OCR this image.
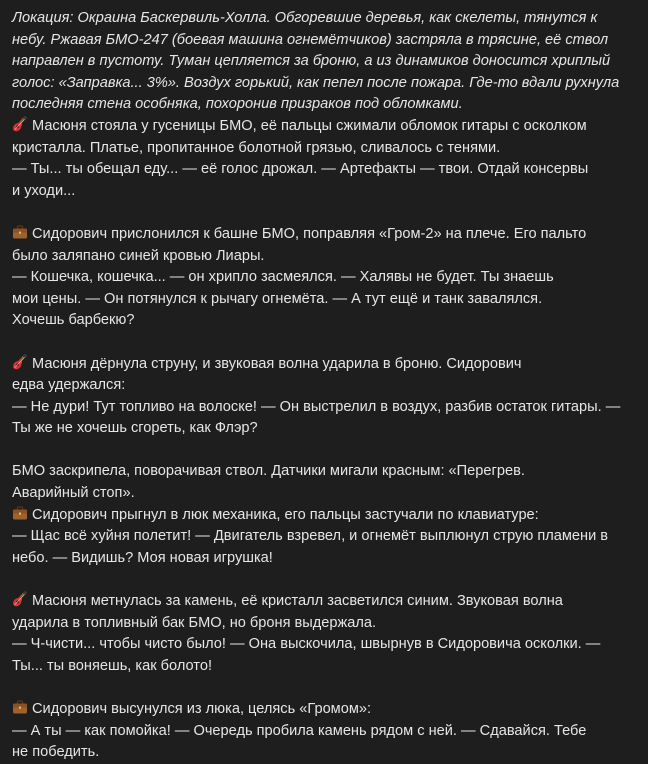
Локация: Окраина Баскервиль-Холла. Обгоревшие деревья, как скелеты, тянутся к
небу. Ржавая БМО-247 (боевая машина огнемётчиков) застряла в трясине, её ствол
направлен в пустоту. Туман цепляется за броню, а из динамиков доносится хриплый
голос: «Заправка... 3%». Воздух горький, как пепел после пожара. Где-то вдали рухнула
последняя стена особняка, похоронив призраков под обломками.
Масюня стояла у гусеницы БМО, её пальцы сжимали обломок гитары с осколком
кристалла. Платье, пропитанное болотной грязью, сливалось с тенями.
— Ты... ты обещал еду... — её голос дрожал. — Артефакты — твои. Отдай консервы
и уходи...
Сидорович прислонился к башне БМО, поправляя «Гром-2» на плече. Его пальто
было заляпано синей кровью Лиары.
— Кошечка, кошечка... — он хрипло засмеялся. — Халявы не будет. Ты знаешь
мои цены. — Он потянулся к рычагу огнемёта. — А тут ещё и танк завалялся.
Хочешь барбекю?
Масюня дёрнула струну, и звуковая волна ударила в броню. Сидорович
едва удержался:
— Не дури! Тут топливо на волоске! — Он выстрелил в воздух, разбив остаток гитары. —
Ты же не хочешь сгореть, как Флэр?
БМО заскрипела, поворачивая ствол. Датчики мигали красным: «Перегрев.
Аварийный стоп».
Сидорович прыгнул в люк механика, его пальцы застучали по клавиатуре:
— Щас всё хуйня полетит! — Двигатель взревел, и огнемёт выплюнул струю пламени в
небо. — Видишь? Моя новая игрушка!
Масюня метнулась за камень, её кристалл засветился синим. Звуковая волна
ударила в топливный бак БМО, но броня выдержала.
— Ч-чисти... чтобы чисто было! — Она выскочила, швырнув в Сидоровича осколки. —
Ты... ты воняешь, как болото!
Сидорович высунулся из люка, целясь «Громом»:
— А ты — как помойка! — Очередь пробила камень рядом с ней. — Сдавайся. Тебе
не победить.
